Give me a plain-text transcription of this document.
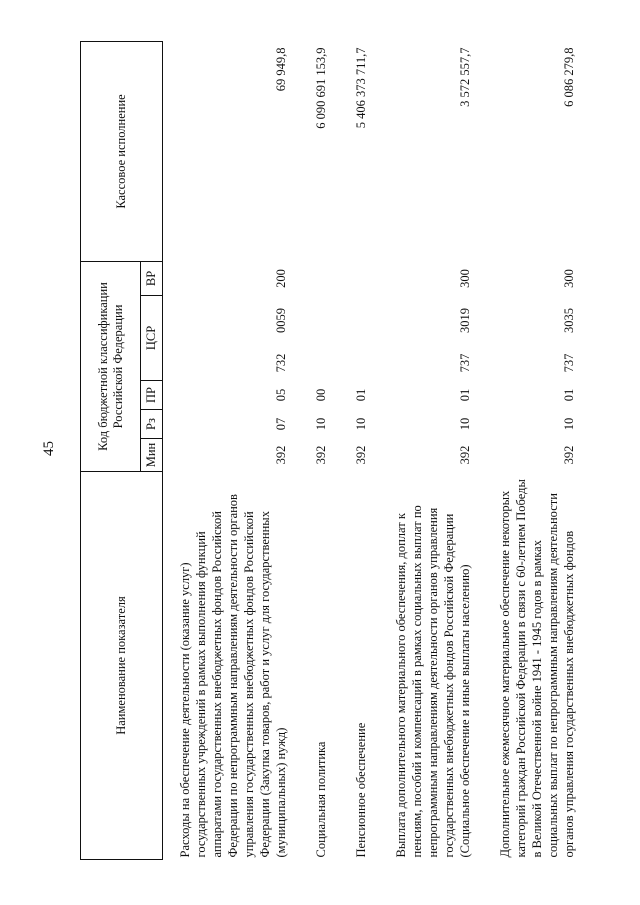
45
Наименование показателя	Код бюджетной классификации Российской Федерации						Кассовое исполнение
	Мин	Рз	ПР	ЦСР		ВР	
Расходы на обеспечение деятельности (оказание услуг) государственных учреждений в рамках выполнения функций аппаратами государственных внебюджетных фондов Российской Федерации по непрограммным направлениям деятельности органов управления государственных внебюджетных фондов Российской Федерации (Закупка товаров, работ и услуг для государственных (муниципальных) нужд)	392	07	05	732	0059	200	69 949,8
Социальная политика	392	10	00				6 090 691 153,9
Пенсионное обеспечение	392	10	01				5 406 373 711,7
Выплата дополнительного материального обеспечения, доплат к пенсиям, пособий и компенсаций в рамках социальных выплат по непрограммным направлениям деятельности органов управления государственных внебюджетных фондов Российской Федерации (Социальное обеспечение и иные выплаты населению)	392	10	01	737	3019	300	3 572 557,7
Дополнительное ежемесячное материальное обеспечение некоторых категорий граждан Российской Федерации в связи с 60-летием Победы в Великой Отечественной войне 1941 - 1945 годов в рамках социальных выплат по непрограммным направлениям деятельности органов управления государственных внебюджетных фондов	392	10	01	737	3035	300	6 086 279,8
